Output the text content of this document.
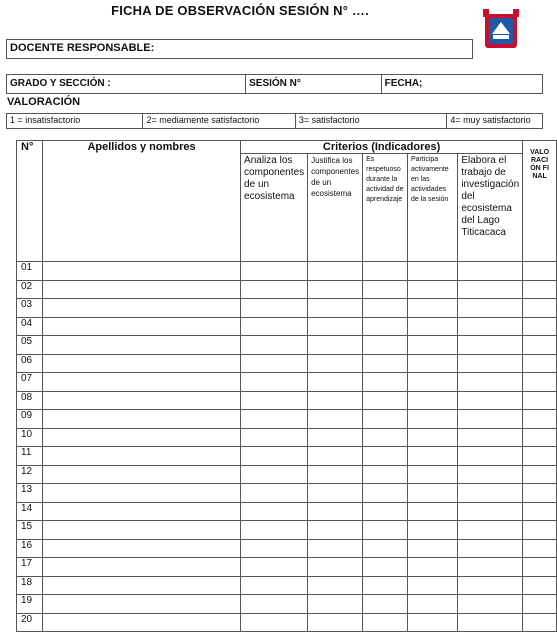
FICHA DE OBSERVACIÓN SESIÓN N° ….
DOCENTE RESPONSABLE:
GRADO Y SECCIÓN :	SESIÓN N°	FECHA;
VALORACIÓN
1 = insatisfactorio	2= mediamente satisfactorio	3= satisfactorio	4= muy satisfactorio
N°	Apellidos y nombres	Criterios (Indicadores)					VALORACIÓN FINAL
		Analiza los componentes de un ecosistema	Justifica los componentes de un ecosistema	Es respetuoso durante la actividad de aprendizaje	Participa activamente en las actividades de la sesión	Elabora el trabajo de investigación del ecosistema del Lago Titicacaca	
01							
02							
03							
04							
05							
06							
07							
08							
09							
10							
11							
12							
13							
14							
15							
16							
17							
18							
19							
20							
